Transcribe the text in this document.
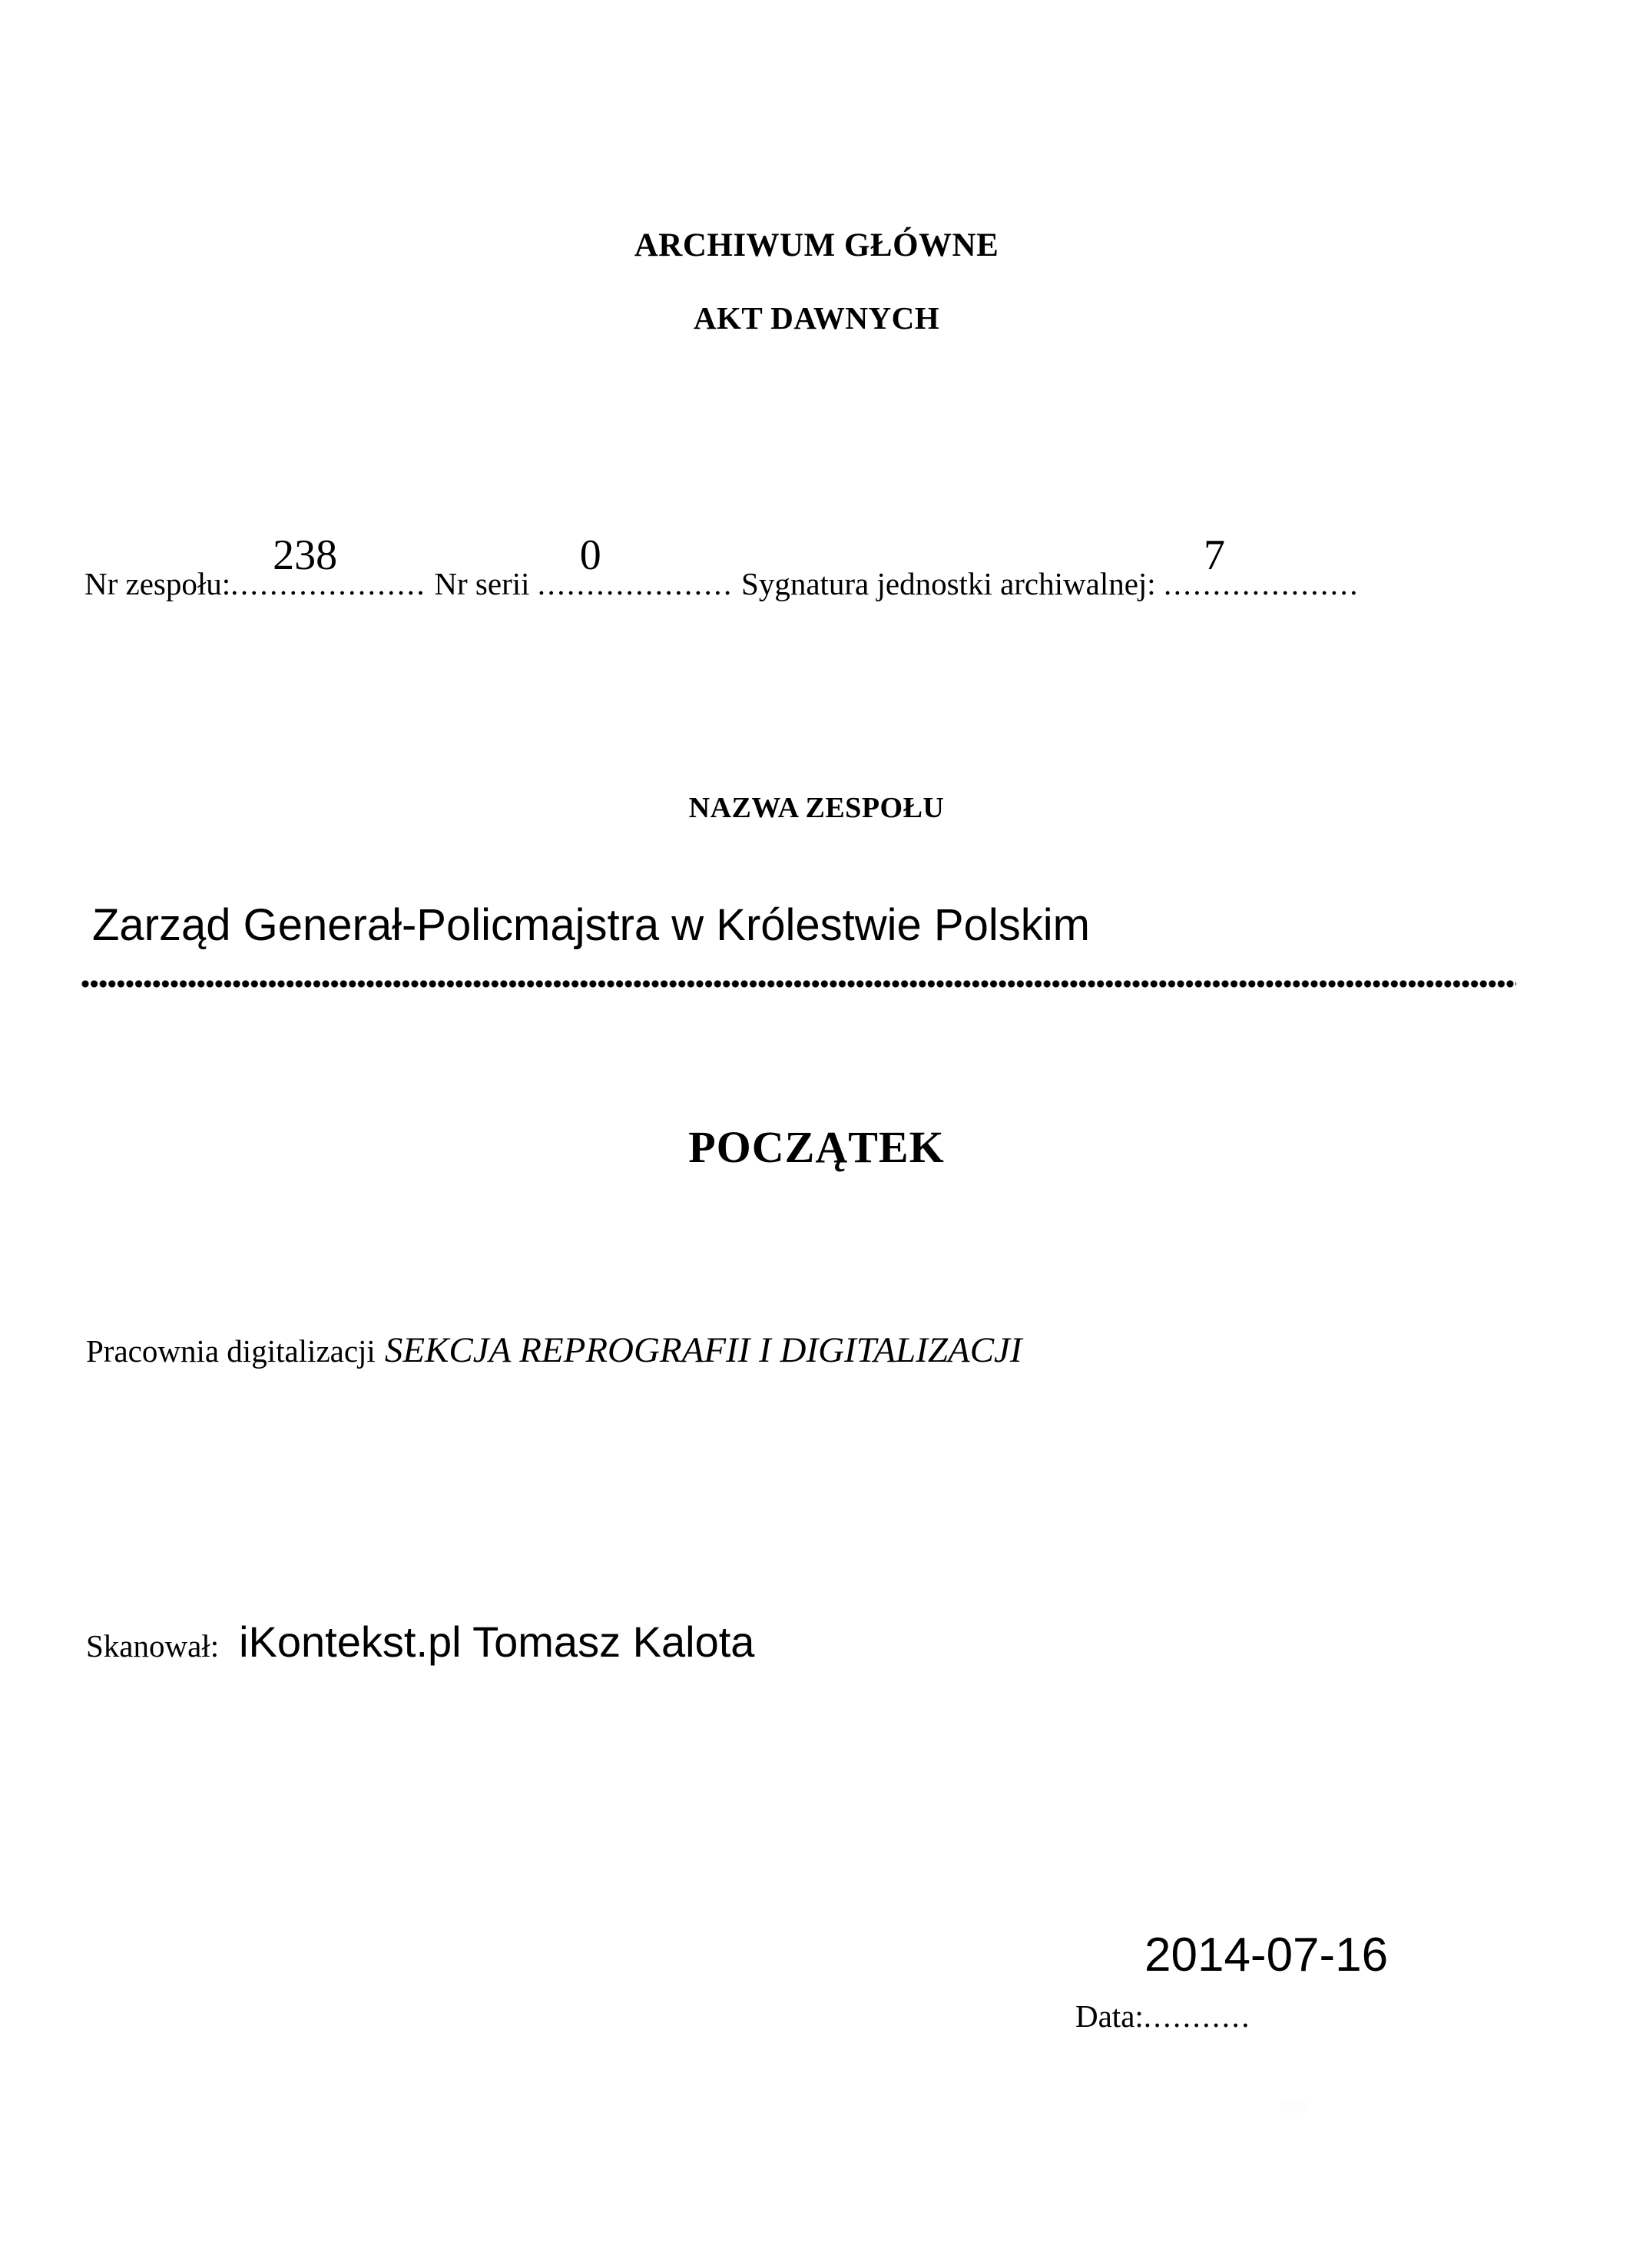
ARCHIWUM GŁÓWNE
AKT DAWNYCH
Nr zespołu:....................
238
Nr serii ....................
0
Sygnatura jednostki archiwalnej: ....................
7
NAZWA ZESPOŁU
Zarząd Generał-Policmajstra w Królestwie Polskim
POCZĄTEK
Pracownia digitalizacji SEKCJA REPROGRAFII I DIGITALIZACJI
Skanował: iKontekst.pl Tomasz Kalota
Data:...........
2014-07-16
